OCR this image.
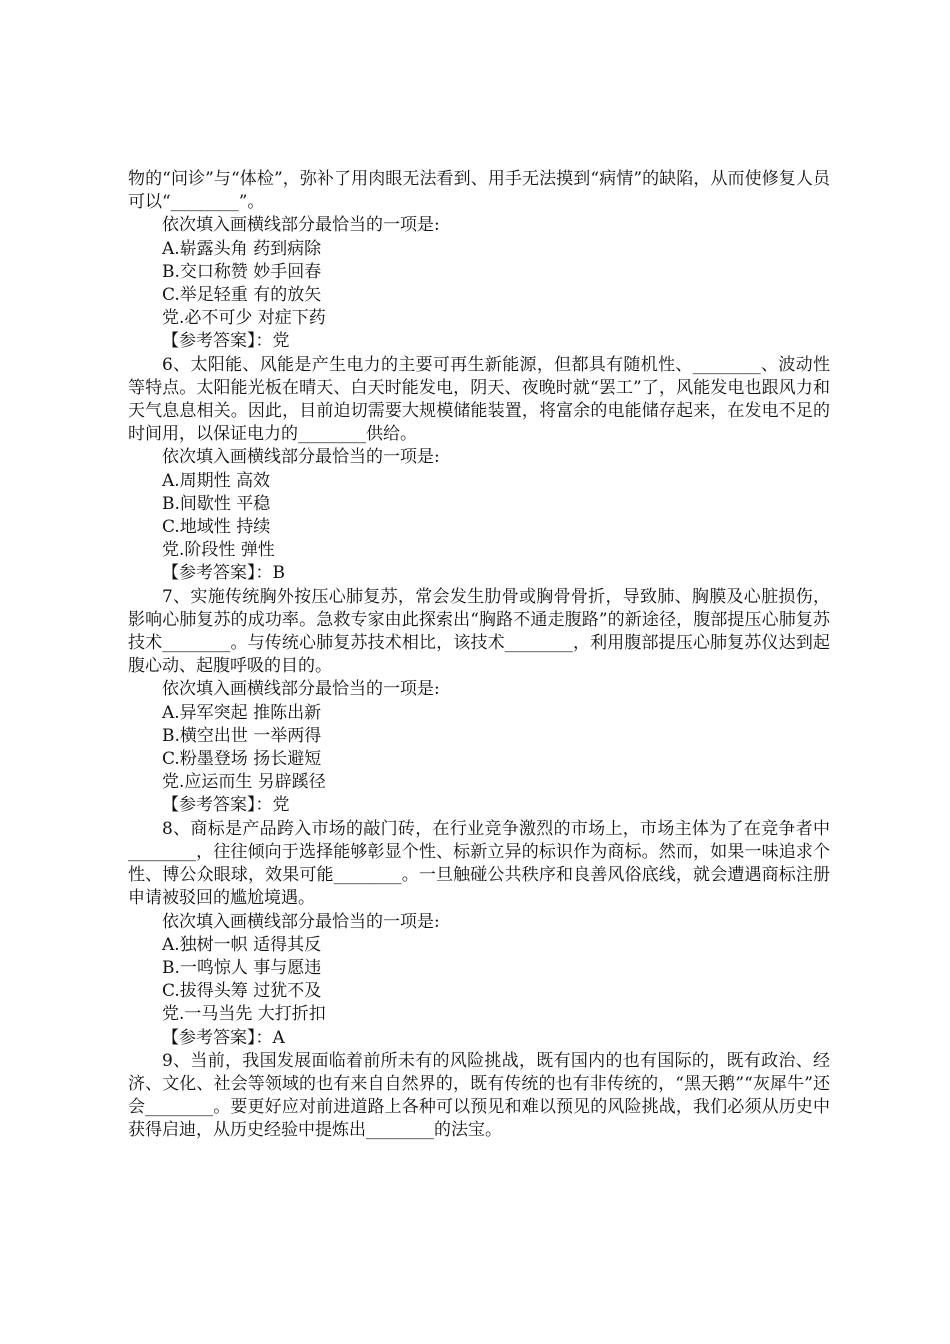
物的“问诊”与“体检”，弥补了用肉眼无法看到、用手无法摸到“病情”的缺陷，从而使修复人员可以“________”。

依次填入画横线部分最恰当的一项是:

A.崭露头角 药到病除

B.交口称赞 妙手回春

C.举足轻重 有的放矢

党.必不可少 对症下药

【参考答案】：党

6、太阳能、风能是产生电力的主要可再生新能源，但都具有随机性、________、波动性等特点。太阳能光板在晴天、白天时能发电，阴天、夜晚时就“罢工”了，风能发电也跟风力和天气息息相关。因此，目前迫切需要大规模储能装置，将富余的电能储存起来，在发电不足的时间用，以保证电力的________供给。

依次填入画横线部分最恰当的一项是:

A.周期性 高效

B.间歇性 平稳

C.地域性 持续

党.阶段性 弹性

【参考答案】：B

7、实施传统胸外按压心肺复苏，常会发生肋骨或胸骨骨折，导致肺、胸膜及心脏损伤，影响心肺复苏的成功率。急救专家由此探索出“胸路不通走腹路”的新途径，腹部提压心肺复苏技术________。与传统心肺复苏技术相比，该技术________，利用腹部提压心肺复苏仪达到起腹心动、起腹呼吸的目的。

依次填入画横线部分最恰当的一项是:

A.异军突起 推陈出新

B.横空出世 一举两得

C.粉墨登场 扬长避短

党.应运而生 另辟蹊径

【参考答案】：党

8、商标是产品跨入市场的敲门砖，在行业竞争激烈的市场上，市场主体为了在竞争者中________，往往倾向于选择能够彰显个性、标新立异的标识作为商标。然而，如果一味追求个性、博公众眼球，效果可能________。一旦触碰公共秩序和良善风俗底线，就会遭遇商标注册申请被驳回的尴尬境遇。

依次填入画横线部分最恰当的一项是:

A.独树一帜 适得其反

B.一鸣惊人 事与愿违

C.拔得头筹 过犹不及

党.一马当先 大打折扣

【参考答案】：A

9、当前，我国发展面临着前所未有的风险挑战，既有国内的也有国际的，既有政治、经济、文化、社会等领域的也有来自自然界的，既有传统的也有非传统的，“黑天鹅”“灰犀牛”还会________。要更好应对前进道路上各种可以预见和难以预见的风险挑战，我们必须从历史中获得启迪，从历史经验中提炼出________的法宝。
